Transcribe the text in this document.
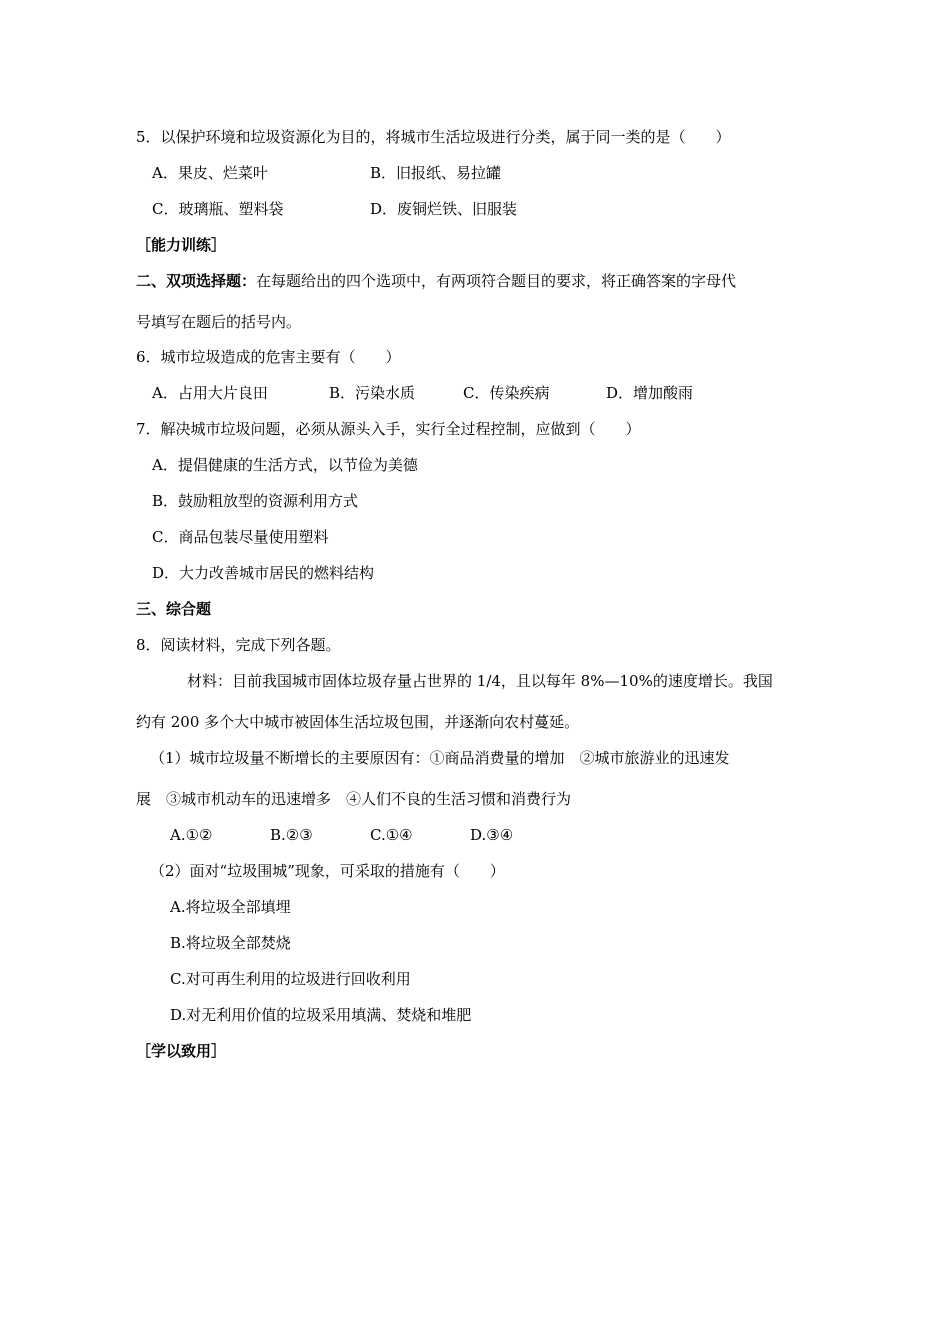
5．以保护环境和垃圾资源化为目的，将城市生活垃圾进行分类，属于同一类的是（　　）
A．果皮、烂菜叶	B．旧报纸、易拉罐
C．玻璃瓶、塑料袋	D．废铜烂铁、旧服装
［能力训练］
二、双项选择题：在每题给出的四个选项中，有两项符合题目的要求，将正确答案的字母代
号填写在题后的括号内。
6．城市垃圾造成的危害主要有（　　）
A．占用大片良田	B．污染水质	C．传染疾病	D．增加酸雨
7．解决城市垃圾问题，必须从源头入手，实行全过程控制，应做到（　　）
A．提倡健康的生活方式，以节俭为美德
B．鼓励粗放型的资源利用方式
C．商品包装尽量使用塑料
D．大力改善城市居民的燃料结构
三、综合题
8．阅读材料，完成下列各题。
材料：目前我国城市固体垃圾存量占世界的 1/4，且以每年 8%—10%的速度增长。我国
约有 200 多个大中城市被固体生活垃圾包围，并逐渐向农村蔓延。
（1）城市垃圾量不断增长的主要原因有：①商品消费量的增加　②城市旅游业的迅速发
展　③城市机动车的迅速增多　④人们不良的生活习惯和消费行为
A.①②	B.②③	C.①④	D.③④
（2）面对“垃圾围城”现象，可采取的措施有（　　）
A.将垃圾全部填埋
B.将垃圾全部焚烧
C.对可再生利用的垃圾进行回收利用
D.对无利用价值的垃圾采用填满、焚烧和堆肥
［学以致用］
